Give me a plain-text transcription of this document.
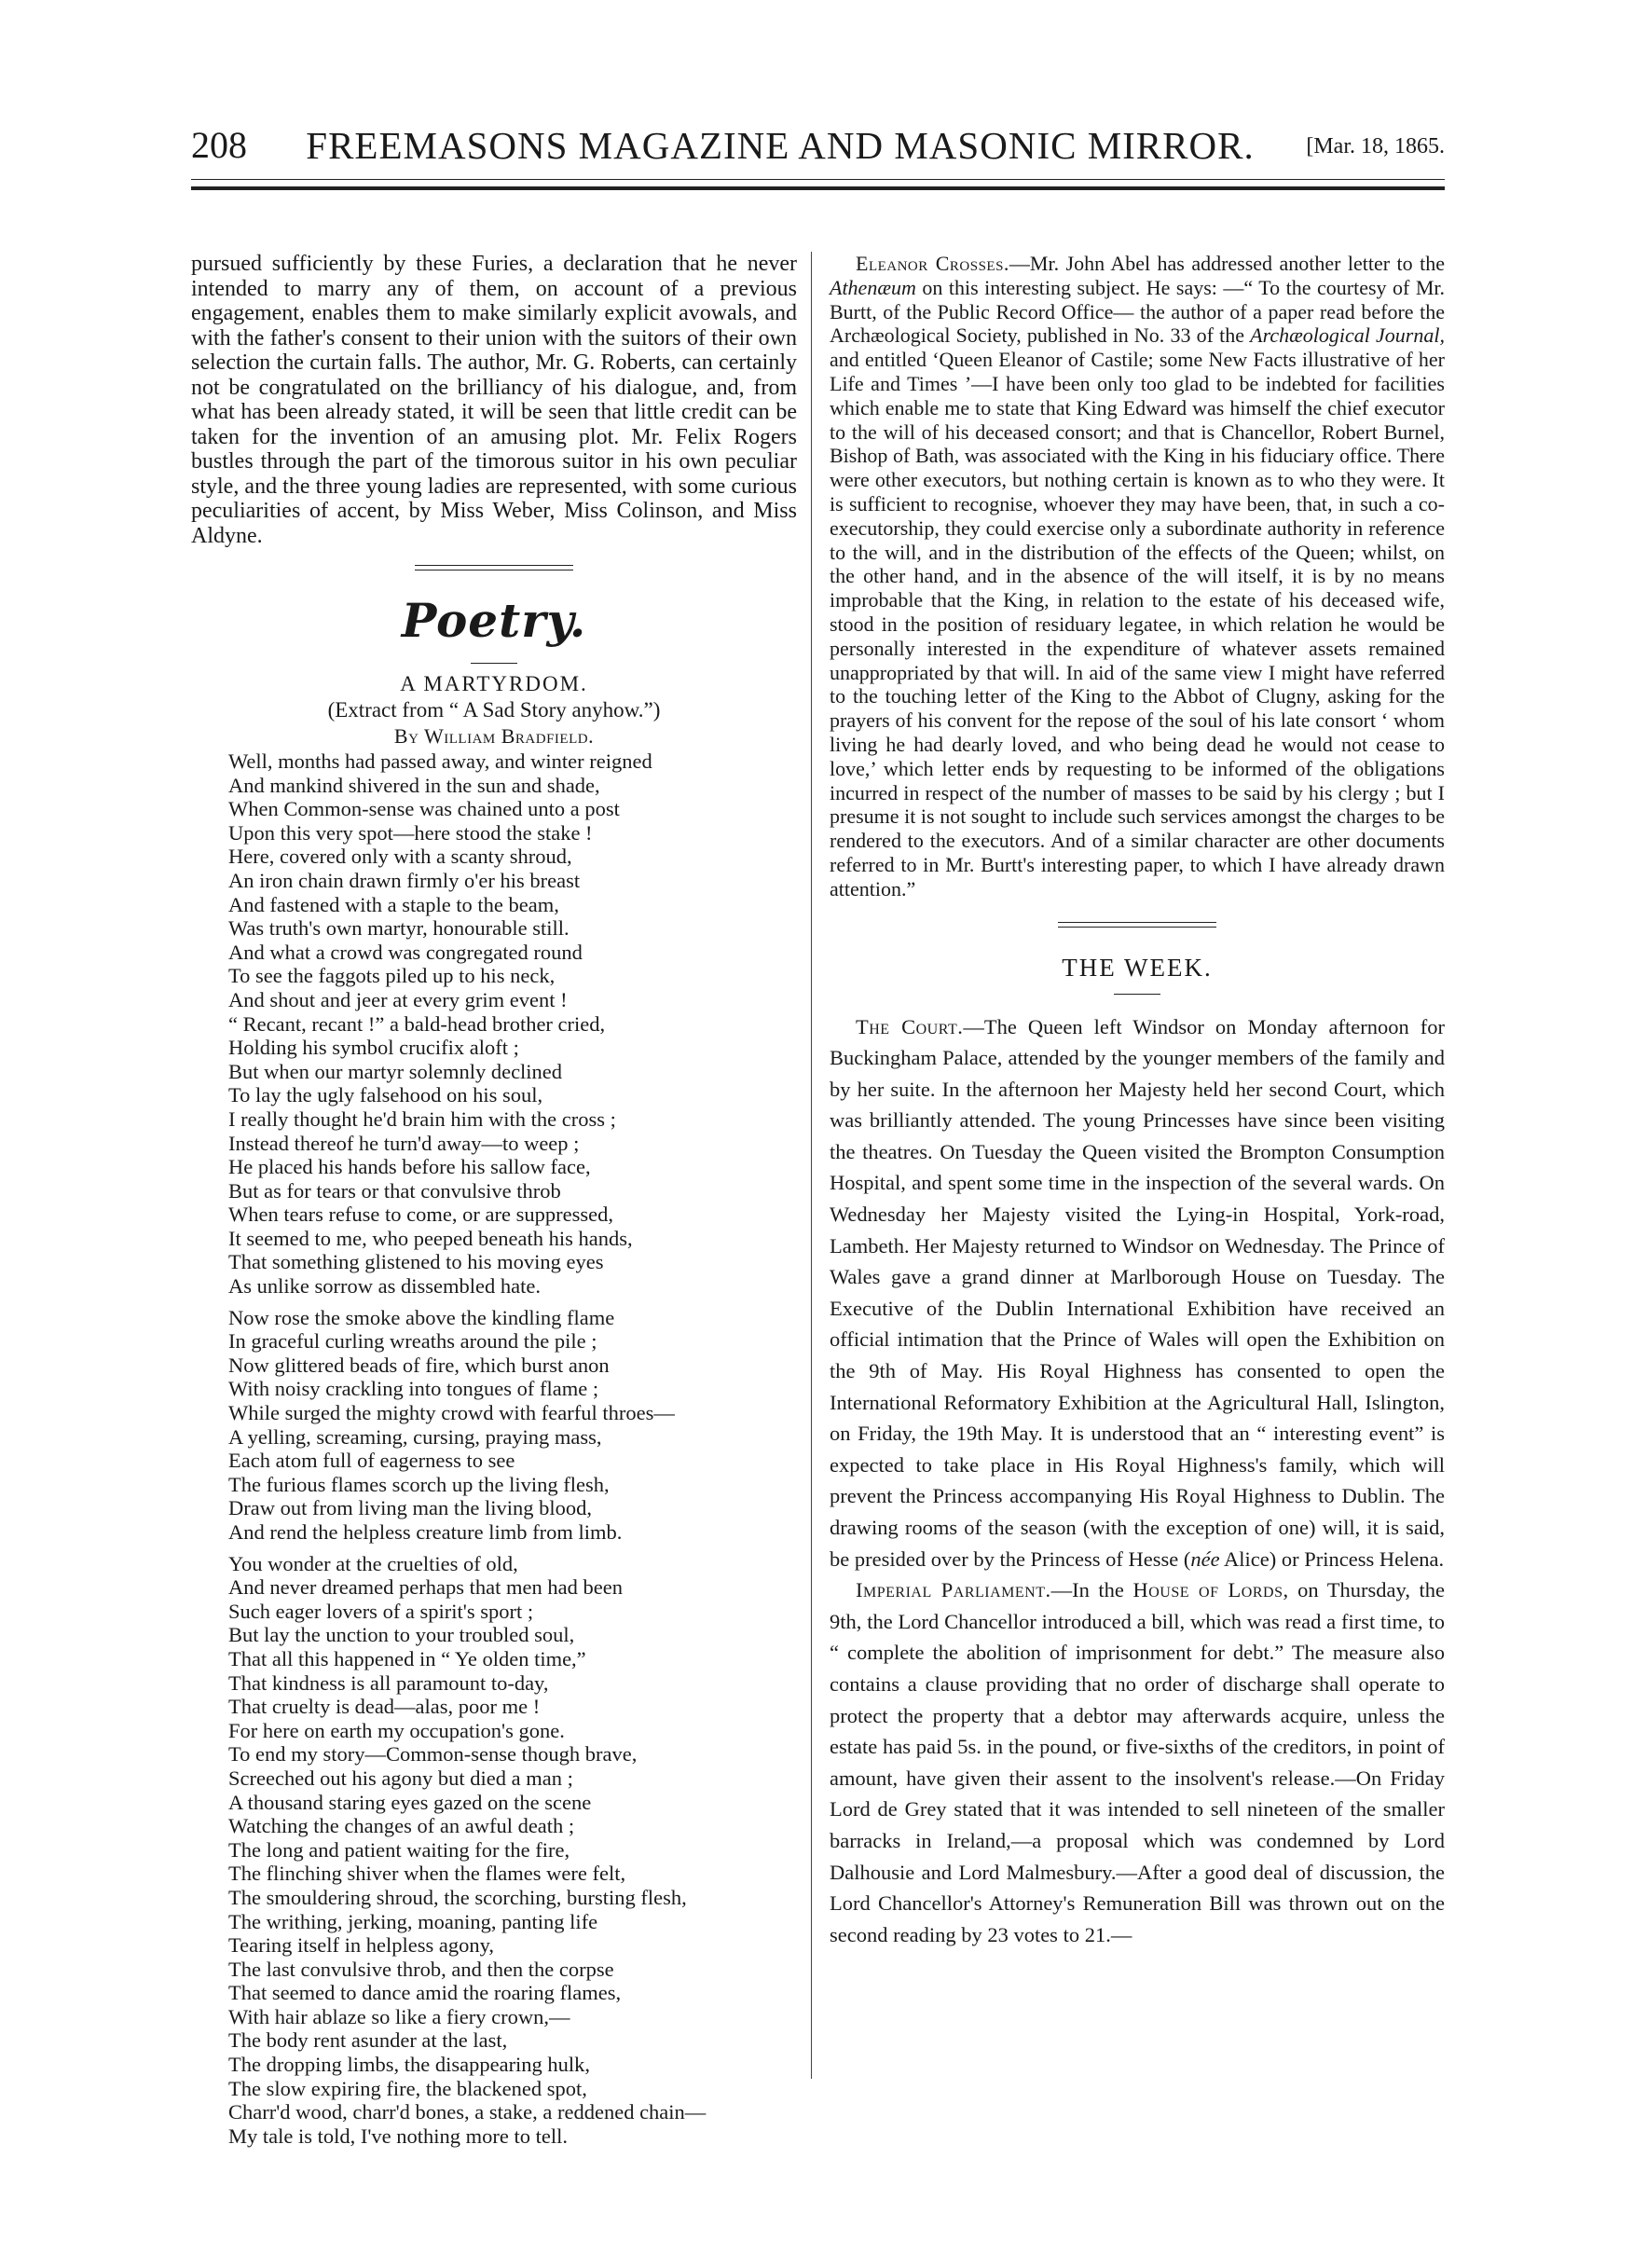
208	FREEMASONS MAGAZINE AND MASONIC MIRROR.	[Mar. 18, 1865.

pursued sufficiently by these Furies, a declaration that he never intended to marry any of them, on account of a previous engagement, enables them to make similarly explicit avowals, and with the father's consent to their union with the suitors of their own selection the curtain falls. The author, Mr. G. Roberts, can certainly not be congratulated on the brilliancy of his dialogue, and, from what has been already stated, it will be seen that little credit can be taken for the invention of an amusing plot. Mr. Felix Rogers bustles through the part of the timorous suitor in his own peculiar style, and the three young ladies are represented, with some curious peculiarities of accent, by Miss Weber, Miss Colinson, and Miss Aldyne.

Poetry.

A MARTYRDOM.

(Extract from “ A Sad Story anyhow.”)

By William Bradfield.

Well, months had passed away, and winter reigned
And mankind shivered in the sun and shade,
When Common-sense was chained unto a post
Upon this very spot—here stood the stake !
Here, covered only with a scanty shroud,
An iron chain drawn firmly o'er his breast
And fastened with a staple to the beam,
Was truth's own martyr, honourable still.
And what a crowd was congregated round
To see the faggots piled up to his neck,
And shout and jeer at every grim event !
“ Recant, recant !” a bald-head brother cried,
Holding his symbol crucifix aloft ;
But when our martyr solemnly declined
To lay the ugly falsehood on his soul,
I really thought he'd brain him with the cross ;
Instead thereof he turn'd away—to weep ;
He placed his hands before his sallow face,
But as for tears or that convulsive throb
When tears refuse to come, or are suppressed,
It seemed to me, who peeped beneath his hands,
That something glistened to his moving eyes
As unlike sorrow as dissembled hate.
Now rose the smoke above the kindling flame
In graceful curling wreaths around the pile ;
Now glittered beads of fire, which burst anon
With noisy crackling into tongues of flame ;
While surged the mighty crowd with fearful throes—
A yelling, screaming, cursing, praying mass,
Each atom full of eagerness to see
The furious flames scorch up the living flesh,
Draw out from living man the living blood,
And rend the helpless creature limb from limb.
You wonder at the cruelties of old,
And never dreamed perhaps that men had been
Such eager lovers of a spirit's sport ;
But lay the unction to your troubled soul,
That all this happened in “ Ye olden time,”
That kindness is all paramount to-day,
That cruelty is dead—alas, poor me !
For here on earth my occupation's gone.
To end my story—Common-sense though brave,
Screeched out his agony but died a man ;
A thousand staring eyes gazed on the scene
Watching the changes of an awful death ;
The long and patient waiting for the fire,
The flinching shiver when the flames were felt,
The smouldering shroud, the scorching, bursting flesh,
The writhing, jerking, moaning, panting life
Tearing itself in helpless agony,
The last convulsive throb, and then the corpse
That seemed to dance amid the roaring flames,
With hair ablaze so like a fiery crown,—
The body rent asunder at the last,
The dropping limbs, the disappearing hulk,
The slow expiring fire, the blackened spot,
Charr'd wood, charr'd bones, a stake, a reddened chain—
My tale is told, I've nothing more to tell.

Eleanor Crosses.—Mr. John Abel has addressed another letter to the Athenæum on this interesting subject. He says: —“ To the courtesy of Mr. Burtt, of the Public Record Office— the author of a paper read before the Archæological Society, published in No. 33 of the Archæological Journal, and entitled ‘Queen Eleanor of Castile; some New Facts illustrative of her Life and Times ’—I have been only too glad to be indebted for facilities which enable me to state that King Edward was himself the chief executor to the will of his deceased consort; and that is Chancellor, Robert Burnel, Bishop of Bath, was associated with the King in his fiduciary office. There were other executors, but nothing certain is known as to who they were. It is sufficient to recognise, whoever they may have been, that, in such a co-executorship, they could exercise only a subordinate authority in reference to the will, and in the distribution of the effects of the Queen; whilst, on the other hand, and in the absence of the will itself, it is by no means improbable that the King, in relation to the estate of his deceased wife, stood in the position of residuary legatee, in which relation he would be personally interested in the expenditure of whatever assets remained unappropriated by that will. In aid of the same view I might have referred to the touching letter of the King to the Abbot of Clugny, asking for the prayers of his convent for the repose of the soul of his late consort ‘ whom living he had dearly loved, and who being dead he would not cease to love,’ which letter ends by requesting to be informed of the obligations incurred in respect of the number of masses to be said by his clergy ; but I presume it is not sought to include such services amongst the charges to be rendered to the executors. And of a similar character are other documents referred to in Mr. Burtt's interesting paper, to which I have already drawn attention.”

THE WEEK.

The Court.—The Queen left Windsor on Monday afternoon for Buckingham Palace, attended by the younger members of the family and by her suite. In the afternoon her Majesty held her second Court, which was brilliantly attended. The young Princesses have since been visiting the theatres. On Tuesday the Queen visited the Brompton Consumption Hospital, and spent some time in the inspection of the several wards. On Wednesday her Majesty visited the Lying-in Hospital, York-road, Lambeth. Her Majesty returned to Windsor on Wednesday. The Prince of Wales gave a grand dinner at Marlborough House on Tuesday. The Executive of the Dublin International Exhibition have received an official intimation that the Prince of Wales will open the Exhibition on the 9th of May. His Royal Highness has consented to open the International Reformatory Exhibition at the Agricultural Hall, Islington, on Friday, the 19th May. It is understood that an “ interesting event” is expected to take place in His Royal Highness's family, which will prevent the Princess accompanying His Royal Highness to Dublin. The drawing rooms of the season (with the exception of one) will, it is said, be presided over by the Princess of Hesse (née Alice) or Princess Helena.

Imperial Parliament.—In the House of Lords, on Thursday, the 9th, the Lord Chancellor introduced a bill, which was read a first time, to “ complete the abolition of imprisonment for debt.” The measure also contains a clause providing that no order of discharge shall operate to protect the property that a debtor may afterwards acquire, unless the estate has paid 5s. in the pound, or five-sixths of the creditors, in point of amount, have given their assent to the insolvent's release.—On Friday Lord de Grey stated that it was intended to sell nineteen of the smaller barracks in Ireland,—a proposal which was condemned by Lord Dalhousie and Lord Malmesbury.—After a good deal of discussion, the Lord Chancellor's Attorney's Remuneration Bill was thrown out on the second reading by 23 votes to 21.—
